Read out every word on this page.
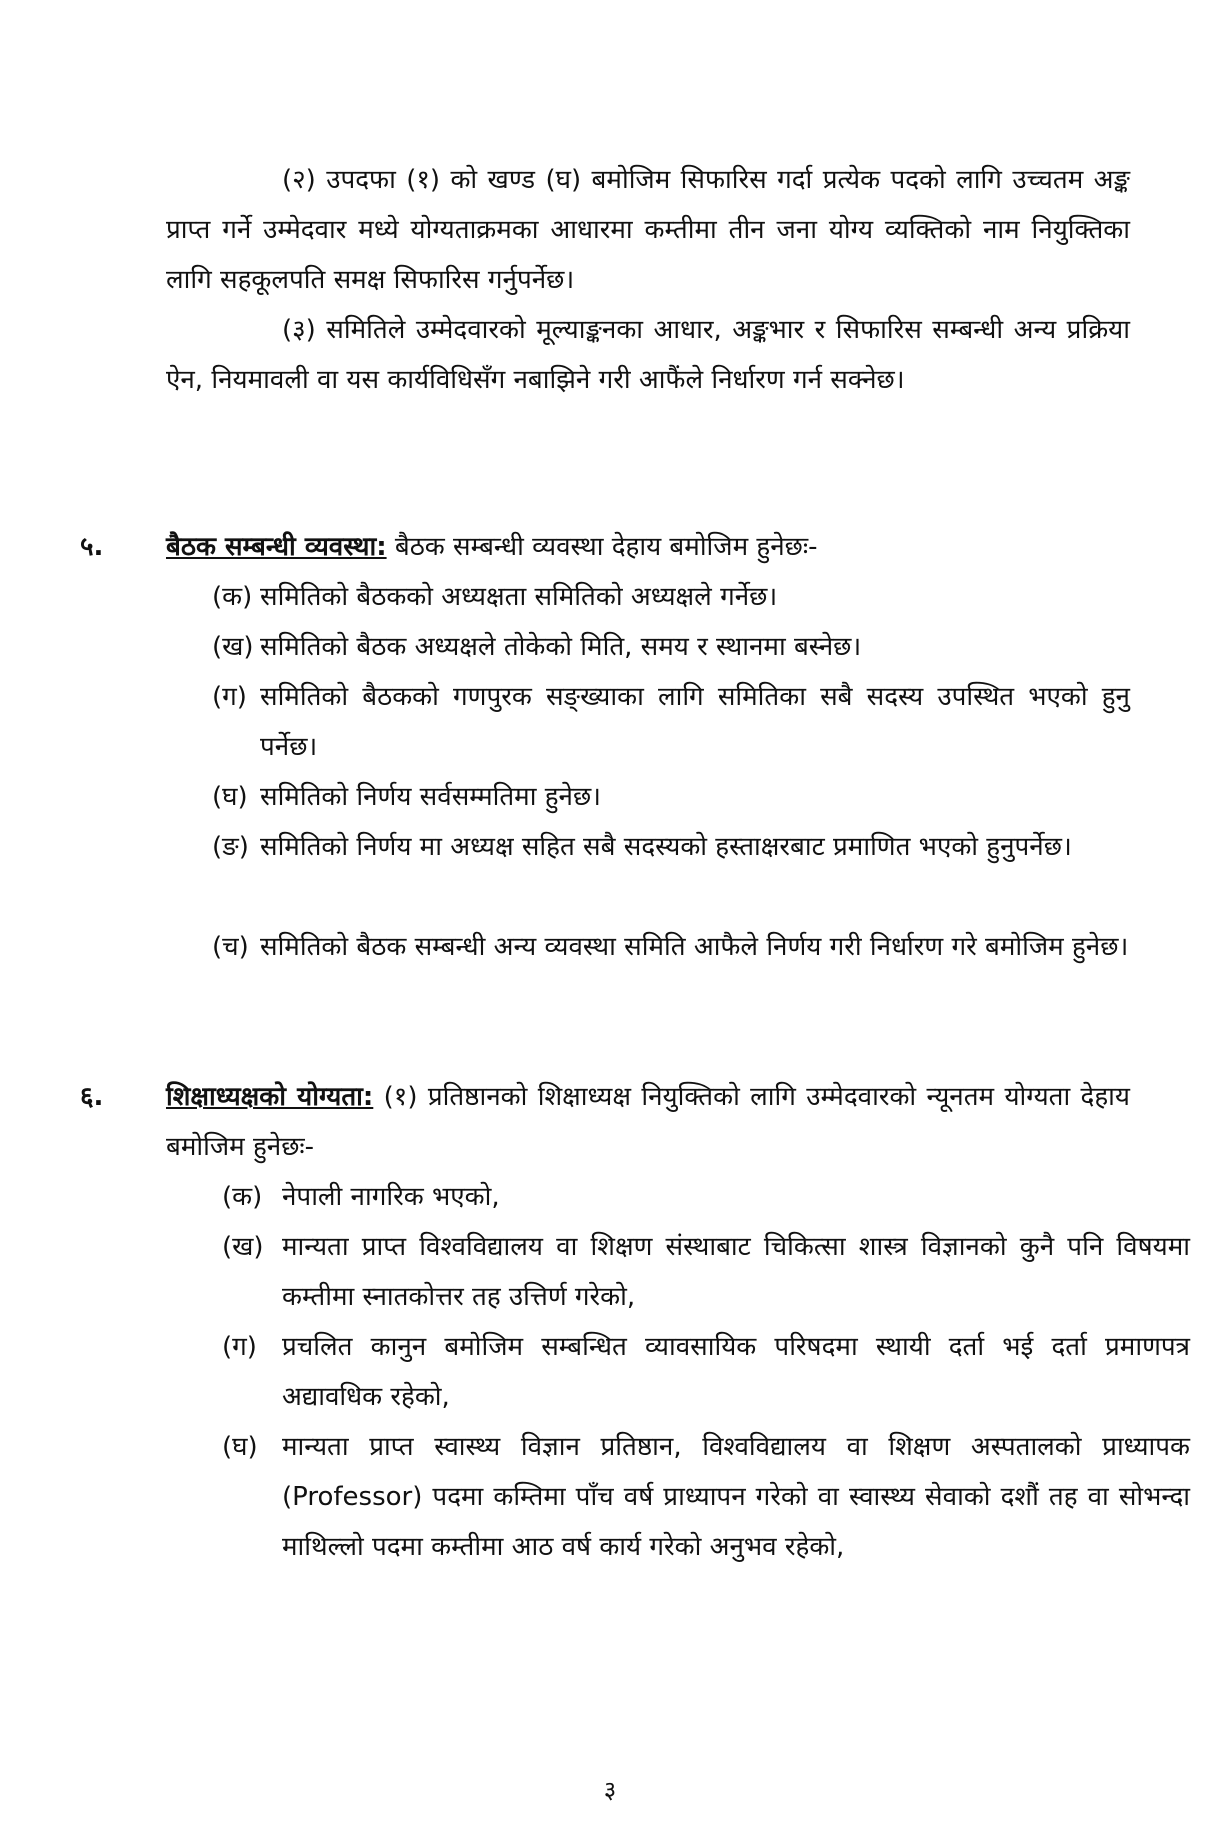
(२) उपदफा (१) को खण्ड (घ) बमोजिम सिफारिस गर्दा प्रत्येक पदको लागि उच्चतम अङ्क प्राप्त गर्ने उम्मेदवार मध्ये योग्यताक्रमका आधारमा कम्तीमा तीन जना योग्य व्यक्तिको नाम नियुक्तिका लागि सहकूलपति समक्ष सिफारिस गर्नुपर्नेछ।

(३) समितिले उम्मेदवारको मूल्याङ्कनका आधार, अङ्कभार र सिफारिस सम्बन्धी अन्य प्रक्रिया ऐन, नियमावली वा यस कार्यविधिसँग नबाझिने गरी आफैंले निर्धारण गर्न सक्नेछ।

५. बैठक सम्बन्धी व्यवस्था: बैठक सम्बन्धी व्यवस्था देहाय बमोजिम हुनेछः-

(क) समितिको बैठकको अध्यक्षता समितिको अध्यक्षले गर्नेछ।

(ख) समितिको बैठक अध्यक्षले तोकेको मिति, समय र स्थानमा बस्नेछ।

(ग) समितिको बैठकको गणपुरक सङ्ख्याका लागि समितिका सबै सदस्य उपस्थित भएको हुनु पर्नेछ।

(घ) समितिको निर्णय सर्वसम्मतिमा हुनेछ।

(ङ) समितिको निर्णय मा अध्यक्ष सहित सबै सदस्यको हस्ताक्षरबाट प्रमाणित भएको हुनुपर्नेछ।

(च) समितिको बैठक सम्बन्धी अन्य व्यवस्था समिति आफैले निर्णय गरी निर्धारण गरे बमोजिम हुनेछ।

६. शिक्षाध्यक्षको योग्यता: (१) प्रतिष्ठानको शिक्षाध्यक्ष नियुक्तिको लागि उम्मेदवारको न्यूनतम योग्यता देहाय बमोजिम हुनेछः-

(क) नेपाली नागरिक भएको,

(ख) मान्यता प्राप्त विश्वविद्यालय वा शिक्षण संस्थाबाट चिकित्सा शास्त्र विज्ञानको कुनै पनि विषयमा कम्तीमा स्नातकोत्तर तह उत्तिर्ण गरेको,

(ग) प्रचलित कानुन बमोजिम सम्बन्धित व्यावसायिक परिषदमा स्थायी दर्ता भई दर्ता प्रमाणपत्र अद्यावधिक रहेको,

(घ) मान्यता प्राप्त स्वास्थ्य विज्ञान प्रतिष्ठान, विश्वविद्यालय वा शिक्षण अस्पतालको प्राध्यापक (Professor) पदमा कम्तिमा पाँच वर्ष प्राध्यापन गरेको वा स्वास्थ्य सेवाको दशौं तह वा सोभन्दा माथिल्लो पदमा कम्तीमा आठ वर्ष कार्य गरेको अनुभव रहेको,

३
